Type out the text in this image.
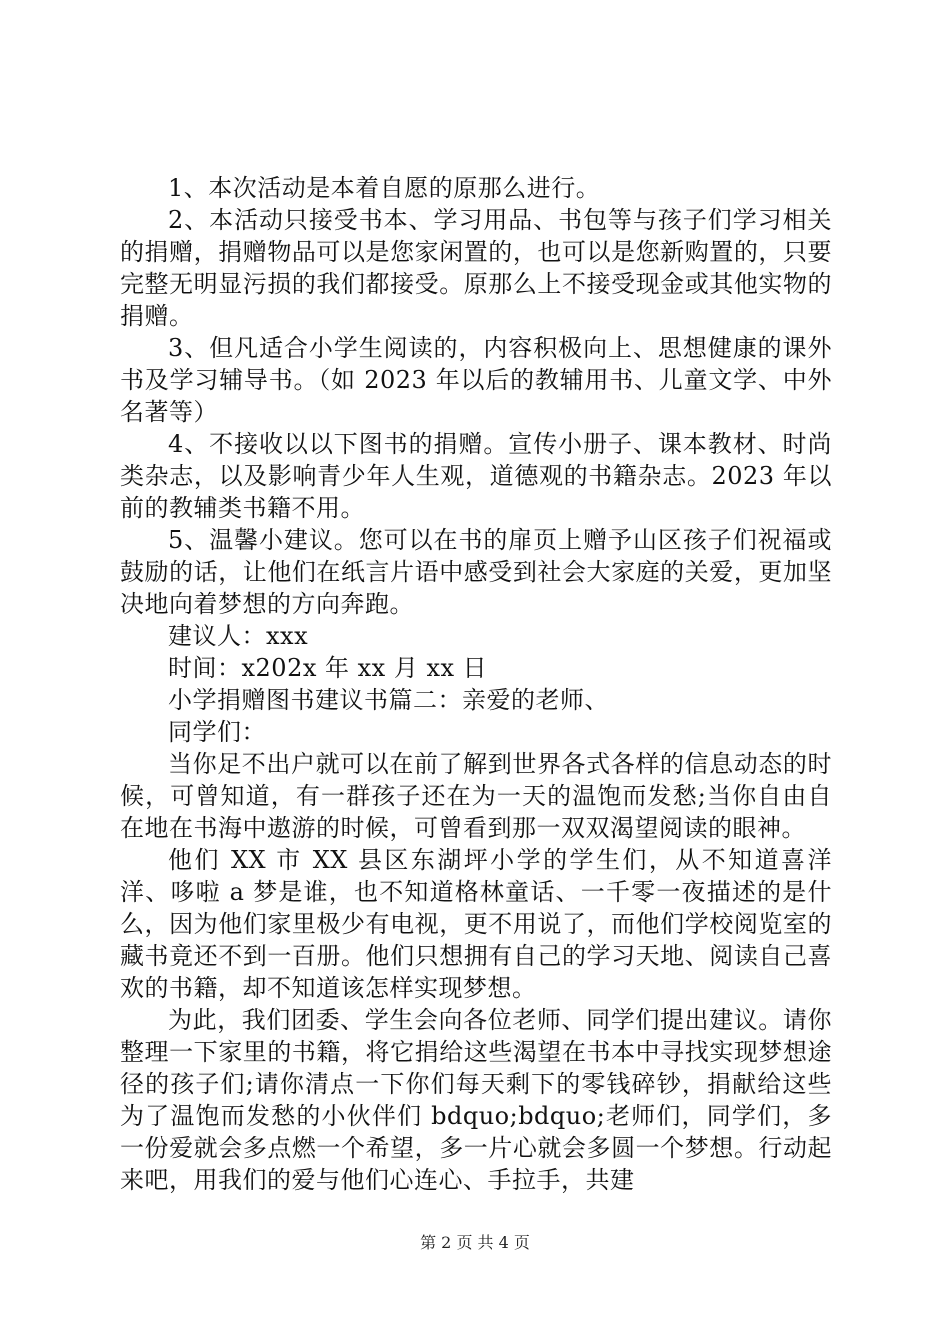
1、本次活动是本着自愿的原那么进行。

2、本活动只接受书本、学习用品、书包等与孩子们学习相关的捐赠，捐赠物品可以是您家闲置的，也可以是您新购置的，只要完整无明显污损的我们都接受。原那么上不接受现金或其他实物的捐赠。

3、但凡适合小学生阅读的，内容积极向上、思想健康的课外书及学习辅导书。（如 2023 年以后的教辅用书、儿童文学、中外名著等）

4、不接收以以下图书的捐赠。宣传小册子、课本教材、时尚类杂志，以及影响青少年人生观，道德观的书籍杂志。2023 年以前的教辅类书籍不用。

5、温馨小建议。您可以在书的扉页上赠予山区孩子们祝福或鼓励的话，让他们在纸言片语中感受到社会大家庭的关爱，更加坚决地向着梦想的方向奔跑。

建议人：xxx

时间：x202x 年 xx 月 xx 日

小学捐赠图书建议书篇二：亲爱的老师、

同学们：

当你足不出户就可以在前了解到世界各式各样的信息动态的时候，可曾知道，有一群孩子还在为一天的温饱而发愁;当你自由自在地在书海中遨游的时候，可曾看到那一双双渴望阅读的眼神。

他们 XX 市 XX 县区东湖坪小学的学生们，从不知道喜洋洋、哆啦 a 梦是谁，也不知道格林童话、一千零一夜描述的是什么，因为他们家里极少有电视，更不用说了，而他们学校阅览室的藏书竟还不到一百册。他们只想拥有自己的学习天地、阅读自己喜欢的书籍，却不知道该怎样实现梦想。

为此，我们团委、学生会向各位老师、同学们提出建议。请你整理一下家里的书籍，将它捐给这些渴望在书本中寻找实现梦想途径的孩子们;请你清点一下你们每天剩下的零钱碎钞，捐献给这些为了温饱而发愁的小伙伴们 bdquo;bdquo;老师们，同学们，多一份爱就会多点燃一个希望，多一片心就会多圆一个梦想。行动起来吧，用我们的爱与他们心连心、手拉手，共建

第 2 页 共 4 页
